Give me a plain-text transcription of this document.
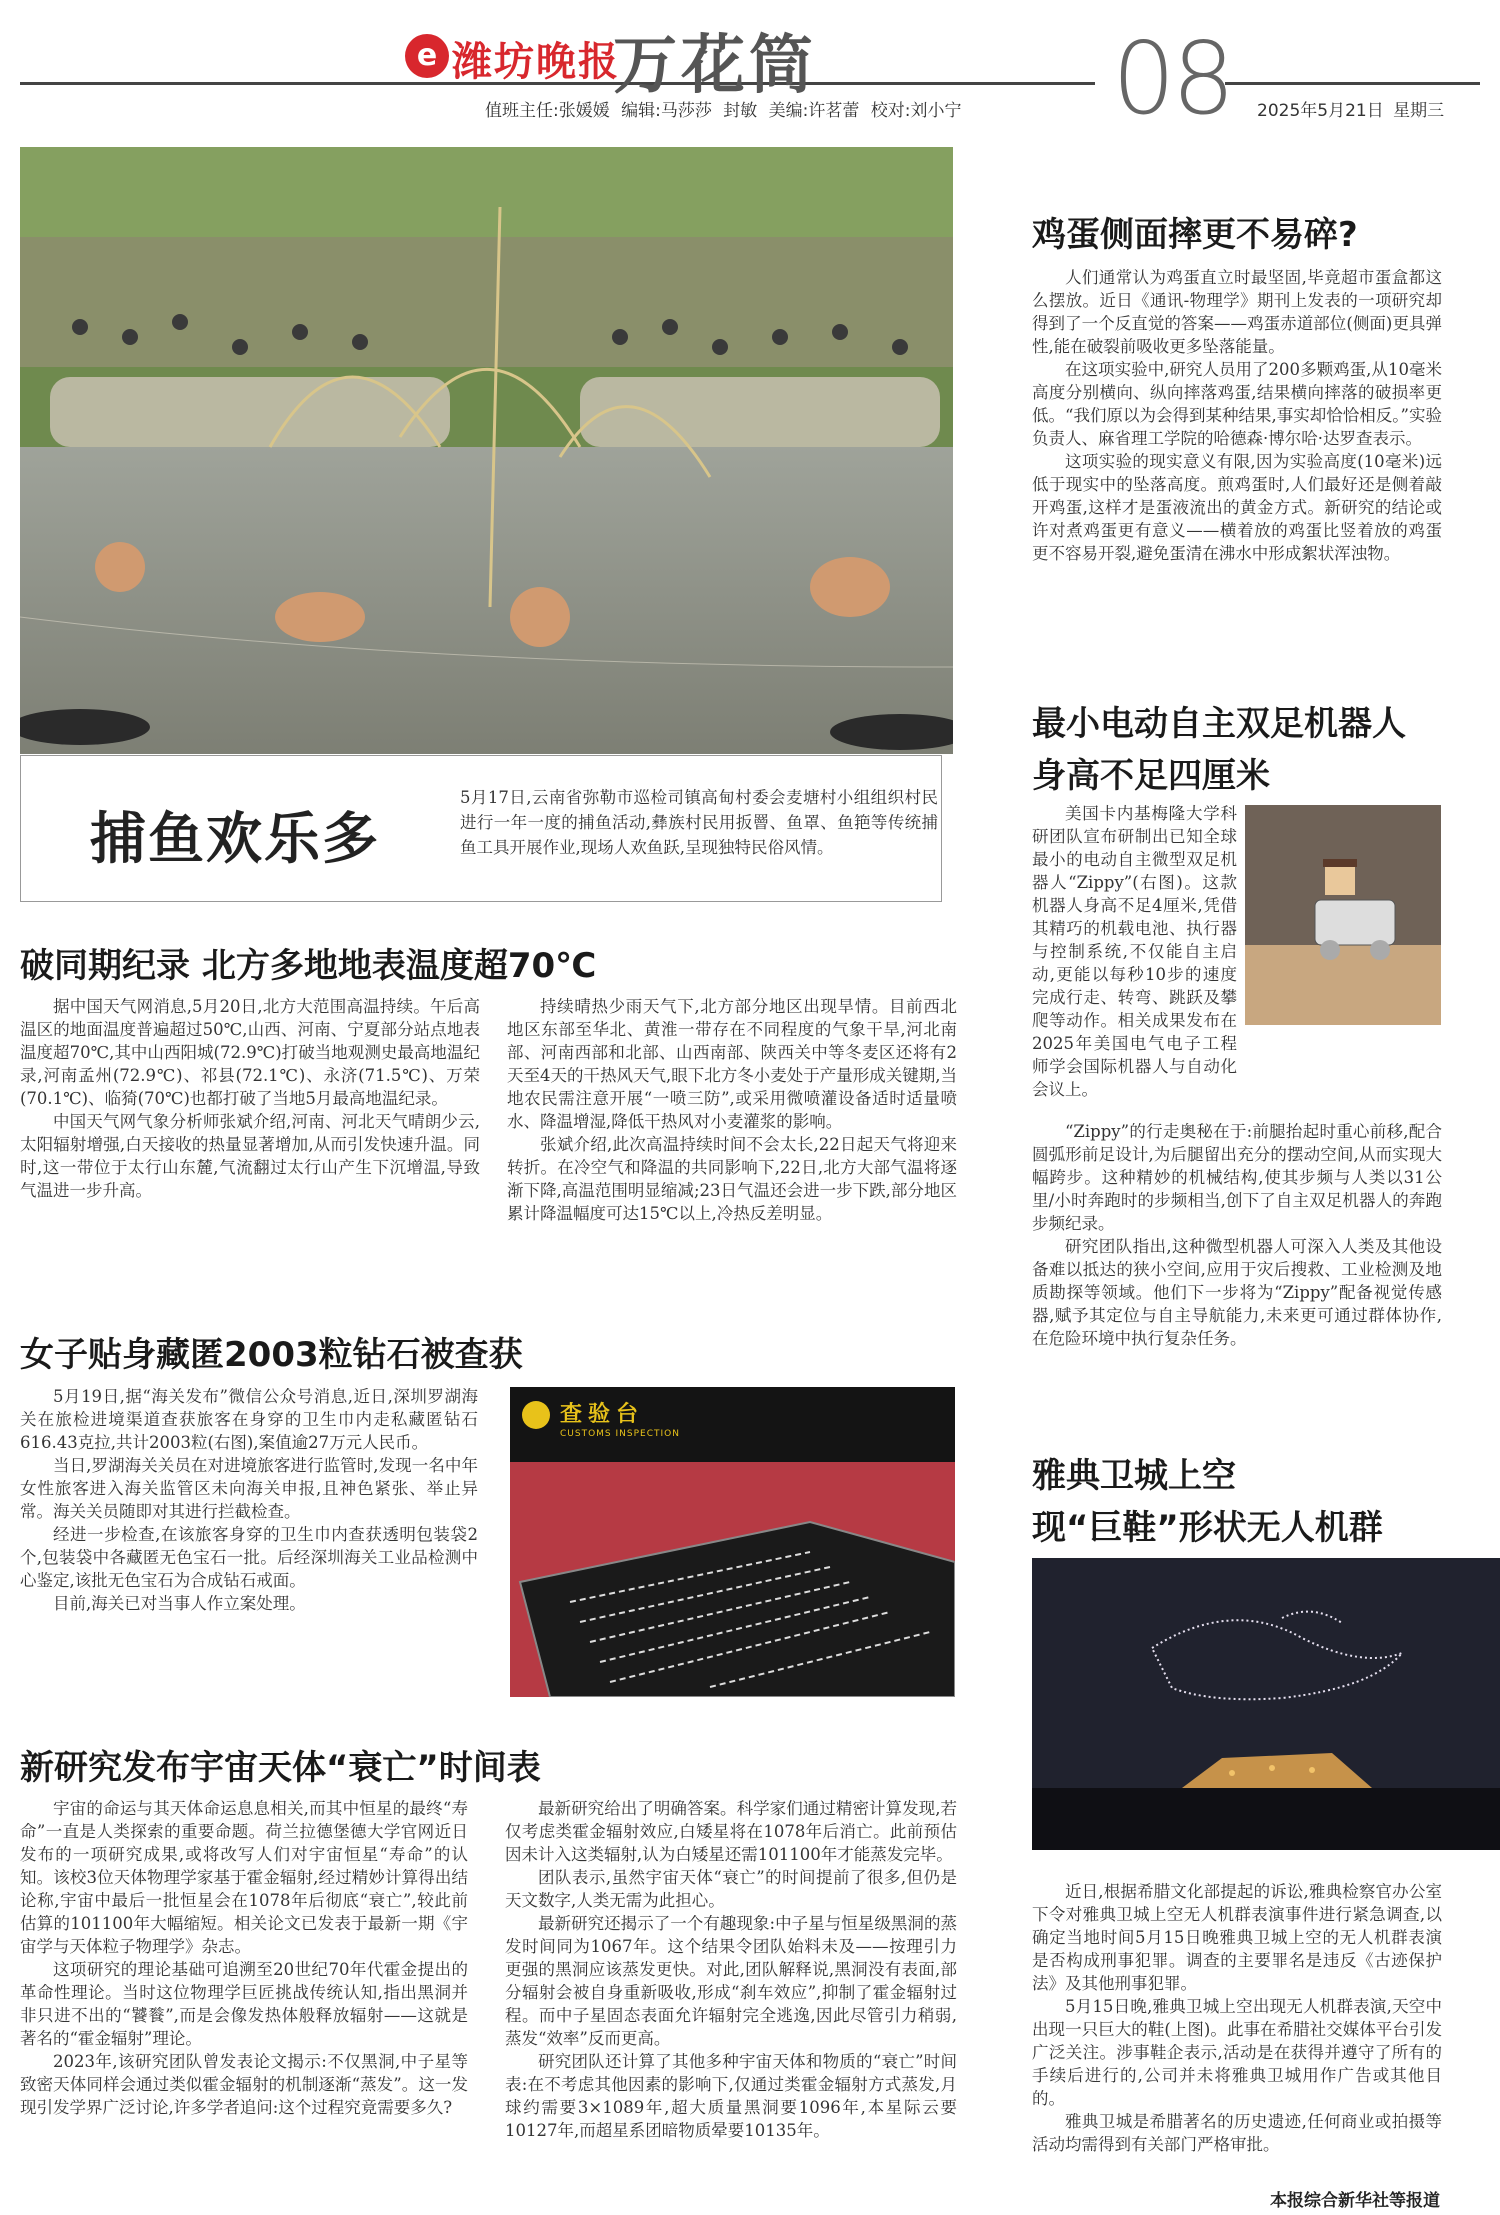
e 潍坊晚报
万花筒	08
值班主任:张媛媛 编辑:马莎莎 封敏 美编:许茗蕾 校对:刘小宁	2025年5月21日 星期三
捕鱼欢乐多
5月17日,云南省弥勒市巡检司镇高甸村委会麦塘村小组组织村民进行一年一度的捕鱼活动,彝族村民用扳罾、鱼罩、鱼筢等传统捕鱼工具开展作业,现场人欢鱼跃,呈现独特民俗风情。
破同期纪录 北方多地地表温度超70℃

据中国天气网消息,5月20日,北方大范围高温持续。午后高温区的地面温度普遍超过50℃,山西、河南、宁夏部分站点地表温度超70℃,其中山西阳城(72.9℃)打破当地观测史最高地温纪录,河南孟州(72.9℃)、祁县(72.1℃)、永济(71.5℃)、万荣(70.1℃)、临猗(70℃)也都打破了当地5月最高地温纪录。

中国天气网气象分析师张斌介绍,河南、河北天气晴朗少云,太阳辐射增强,白天接收的热量显著增加,从而引发快速升温。同时,这一带位于太行山东麓,气流翻过太行山产生下沉增温,导致气温进一步升高。

持续晴热少雨天气下,北方部分地区出现旱情。目前西北地区东部至华北、黄淮一带存在不同程度的气象干旱,河北南部、河南西部和北部、山西南部、陕西关中等冬麦区还将有2天至4天的干热风天气,眼下北方冬小麦处于产量形成关键期,当地农民需注意开展“一喷三防”,或采用微喷灌设备适时适量喷水、降温增湿,降低干热风对小麦灌浆的影响。

张斌介绍,此次高温持续时间不会太长,22日起天气将迎来转折。在冷空气和降温的共同影响下,22日,北方大部气温将逐渐下降,高温范围明显缩减;23日气温还会进一步下跌,部分地区累计降温幅度可达15℃以上,冷热反差明显。

女子贴身藏匿2003粒钻石被查获

5月19日,据“海关发布”微信公众号消息,近日,深圳罗湖海关在旅检进境渠道查获旅客在身穿的卫生巾内走私藏匿钻石616.43克拉,共计2003粒(右图),案值逾27万元人民币。

当日,罗湖海关关员在对进境旅客进行监管时,发现一名中年女性旅客进入海关监管区未向海关申报,且神色紧张、举止异常。海关关员随即对其进行拦截检查。

经进一步检查,在该旅客身穿的卫生巾内查获透明包装袋2个,包装袋中各藏匿无色宝石一批。后经深圳海关工业品检测中心鉴定,该批无色宝石为合成钻石戒面。

目前,海关已对当事人作立案处理。

查验台
CUSTOMS INSPECTION
新研究发布宇宙天体“衰亡”时间表

宇宙的命运与其天体命运息息相关,而其中恒星的最终“寿命”一直是人类探索的重要命题。荷兰拉德堡德大学官网近日发布的一项研究成果,或将改写人们对宇宙恒星“寿命”的认知。该校3位天体物理学家基于霍金辐射,经过精妙计算得出结论称,宇宙中最后一批恒星会在1078年后彻底“衰亡”,较此前估算的101100年大幅缩短。相关论文已发表于最新一期《宇宙学与天体粒子物理学》杂志。

这项研究的理论基础可追溯至20世纪70年代霍金提出的革命性理论。当时这位物理学巨匠挑战传统认知,指出黑洞并非只进不出的“饕餮”,而是会像发热体般释放辐射——这就是著名的“霍金辐射”理论。

2023年,该研究团队曾发表论文揭示:不仅黑洞,中子星等致密天体同样会通过类似霍金辐射的机制逐渐“蒸发”。这一发现引发学界广泛讨论,许多学者追问:这个过程究竟需要多久?

最新研究给出了明确答案。科学家们通过精密计算发现,若仅考虑类霍金辐射效应,白矮星将在1078年后消亡。此前预估因未计入这类辐射,认为白矮星还需101100年才能蒸发完毕。

团队表示,虽然宇宙天体“衰亡”的时间提前了很多,但仍是天文数字,人类无需为此担心。

最新研究还揭示了一个有趣现象:中子星与恒星级黑洞的蒸发时间同为1067年。这个结果令团队始料未及——按理引力更强的黑洞应该蒸发更快。对此,团队解释说,黑洞没有表面,部分辐射会被自身重新吸收,形成“刹车效应”,抑制了霍金辐射过程。而中子星固态表面允许辐射完全逃逸,因此尽管引力稍弱,蒸发“效率”反而更高。

研究团队还计算了其他多种宇宙天体和物质的“衰亡”时间表:在不考虑其他因素的影响下,仅通过类霍金辐射方式蒸发,月球约需要3×1089年,超大质量黑洞要1096年,本星际云要10127年,而超星系团暗物质晕要10135年。

鸡蛋侧面摔更不易碎?

人们通常认为鸡蛋直立时最坚固,毕竟超市蛋盒都这么摆放。近日《通讯-物理学》期刊上发表的一项研究却得到了一个反直觉的答案——鸡蛋赤道部位(侧面)更具弹性,能在破裂前吸收更多坠落能量。

在这项实验中,研究人员用了200多颗鸡蛋,从10毫米高度分别横向、纵向摔落鸡蛋,结果横向摔落的破损率更低。“我们原以为会得到某种结果,事实却恰恰相反。”实验负责人、麻省理工学院的哈德森·博尔哈·达罗查表示。

这项实验的现实意义有限,因为实验高度(10毫米)远低于现实中的坠落高度。煎鸡蛋时,人们最好还是侧着敲开鸡蛋,这样才是蛋液流出的黄金方式。新研究的结论或许对煮鸡蛋更有意义——横着放的鸡蛋比竖着放的鸡蛋更不容易开裂,避免蛋清在沸水中形成絮状浑浊物。

最小电动自主双足机器人
身高不足四厘米

美国卡内基梅隆大学科研团队宣布研制出已知全球最小的电动自主微型双足机器人“Zippy”(右图)。这款机器人身高不足4厘米,凭借其精巧的机载电池、执行器与控制系统,不仅能自主启动,更能以每秒10步的速度完成行走、转弯、跳跃及攀爬等动作。相关成果发布在2025年美国电气电子工程师学会国际机器人与自动化会议上。

“Zippy”的行走奥秘在于:前腿抬起时重心前移,配合圆弧形前足设计,为后腿留出充分的摆动空间,从而实现大幅跨步。这种精妙的机械结构,使其步频与人类以31公里/小时奔跑时的步频相当,创下了自主双足机器人的奔跑步频纪录。

研究团队指出,这种微型机器人可深入人类及其他设备难以抵达的狭小空间,应用于灾后搜救、工业检测及地质勘探等领域。他们下一步将为“Zippy”配备视觉传感器,赋予其定位与自主导航能力,未来更可通过群体协作,在危险环境中执行复杂任务。

雅典卫城上空
现“巨鞋”形状无人机群

近日,根据希腊文化部提起的诉讼,雅典检察官办公室下令对雅典卫城上空无人机群表演事件进行紧急调查,以确定当地时间5月15日晚雅典卫城上空的无人机群表演是否构成刑事犯罪。调查的主要罪名是违反《古迹保护法》及其他刑事犯罪。

5月15日晚,雅典卫城上空出现无人机群表演,天空中出现一只巨大的鞋(上图)。此事在希腊社交媒体平台引发广泛关注。涉事鞋企表示,活动是在获得并遵守了所有的手续后进行的,公司并未将雅典卫城用作广告或其他目的。

雅典卫城是希腊著名的历史遗迹,任何商业或拍摄等活动均需得到有关部门严格审批。

本报综合新华社等报道
